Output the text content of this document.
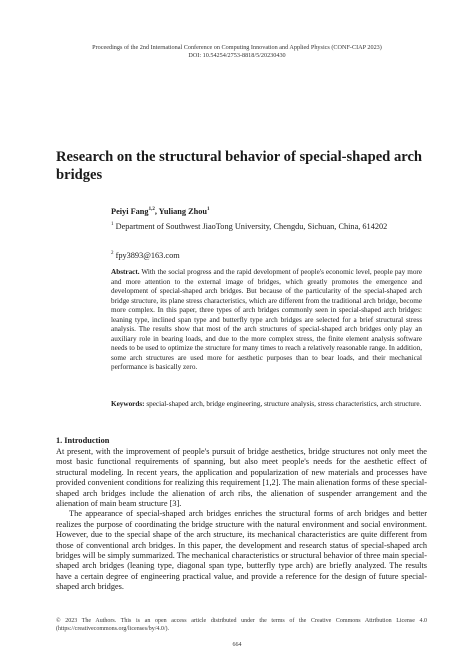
Proceedings of the 2nd International Conference on Computing Innovation and Applied Physics (CONF-CIAP 2023)
DOI: 10.54254/2753-8818/5/20230430
Research on the structural behavior of special-shaped arch bridges
Peiyi Fang$^{1,2}$, Yuliang Zhou$^1$
$^1$ Department of Southwest JiaoTong University, Chengdu, Sichuan, China, 614202
$^2$ fpy3893@163.com
Abstract. With the social progress and the rapid development of people's economic level, people pay more and more attention to the external image of bridges, which greatly promotes the emergence and development of special-shaped arch bridges. But because of the particularity of the special-shaped arch bridge structure, its plane stress characteristics, which are different from the traditional arch bridge, become more complex. In this paper, three types of arch bridges commonly seen in special-shaped arch bridges: leaning type, inclined span type and butterfly type arch bridges are selected for a brief structural stress analysis. The results show that most of the arch structures of special-shaped arch bridges only play an auxiliary role in bearing loads, and due to the more complex stress, the finite element analysis software needs to be used to optimize the structure for many times to reach a relatively reasonable range. In addition, some arch structures are used more for aesthetic purposes than to bear loads, and their mechanical performance is basically zero.
Keywords: special-shaped arch, bridge engineering, structure analysis, stress characteristics, arch structure.
1. Introduction

At present, with the improvement of people's pursuit of bridge aesthetics, bridge structures not only meet the most basic functional requirements of spanning, but also meet people's needs for the aesthetic effect of structural modeling. In recent years, the application and popularization of new materials and processes have provided convenient conditions for realizing this requirement [1,2]. The main alienation forms of these special-shaped arch bridges include the alienation of arch ribs, the alienation of suspender arrangement and the alienation of main beam structure [3].

The appearance of special-shaped arch bridges enriches the structural forms of arch bridges and better realizes the purpose of coordinating the bridge structure with the natural environment and social environment. However, due to the special shape of the arch structure, its mechanical characteristics are quite different from those of conventional arch bridges. In this paper, the development and research status of special-shaped arch bridges will be simply summarized. The mechanical characteristics or structural behavior of three main special-shaped arch bridges (leaning type, diagonal span type, butterfly type arch) are briefly analyzed. The results have a certain degree of engineering practical value, and provide a reference for the design of future special-shaped arch bridges.

© 2023 The Authors. This is an open access article distributed under the terms of the Creative Commons Attribution License 4.0 (https://creativecommons.org/licenses/by/4.0/).
664
